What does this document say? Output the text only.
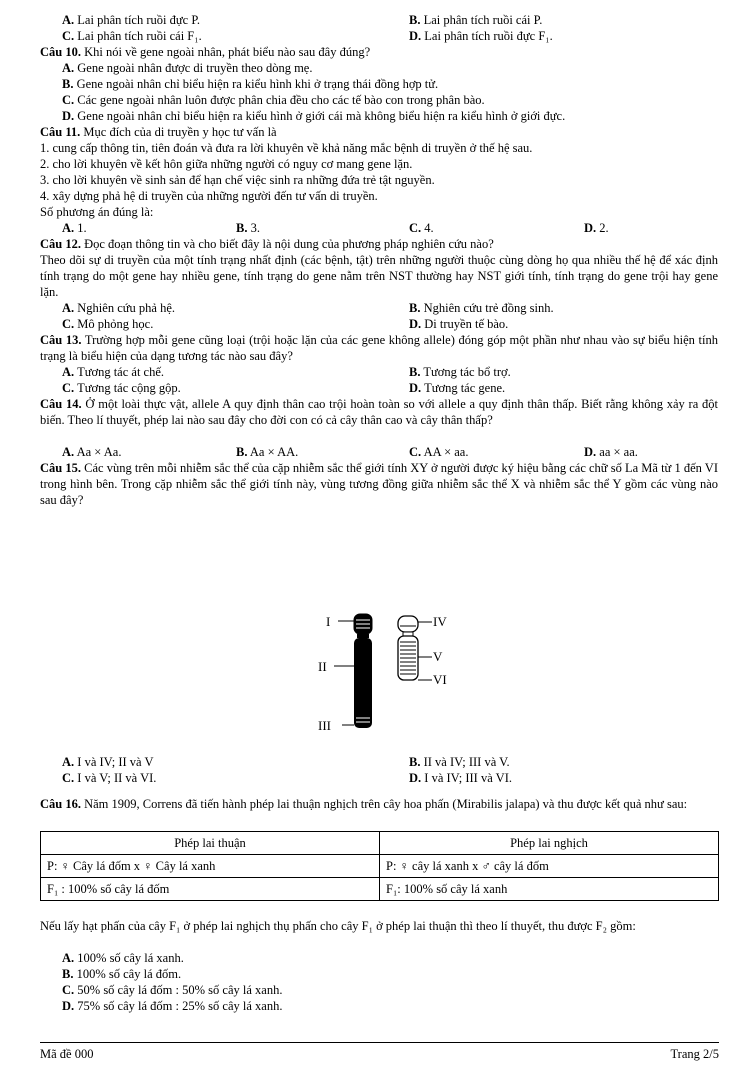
A. Lai phân tích ruồi đực P.	B. Lai phân tích ruồi cái P.
C. Lai phân tích ruồi cái F₁.	D. Lai phân tích ruồi đực F₁.
Câu 10. Khi nói về gene ngoài nhân, phát biểu nào sau đây đúng?
A. Gene ngoài nhân được di truyền theo dòng mẹ.
B. Gene ngoài nhân chỉ biểu hiện ra kiểu hình khi ở trạng thái đồng hợp tử.
C. Các gene ngoài nhân luôn được phân chia đều cho các tế bào con trong phân bào.
D. Gene ngoài nhân chỉ biểu hiện ra kiểu hình ở giới cái mà không biểu hiện ra kiểu hình ở giới đực.
Câu 11. Mục đích của di truyền y học tư vấn là
1. cung cấp thông tin, tiên đoán và đưa ra lời khuyên về khả năng mắc bệnh di truyền ở thế hệ sau.
2. cho lời khuyên về kết hôn giữa những người có nguy cơ mang gene lặn.
3. cho lời khuyên về sinh sản để hạn chế việc sinh ra những đứa trẻ tật nguyền.
4. xây dựng phả hệ di truyền của những người đến tư vấn di truyền.
Số phương án đúng là:
A. 1.	B. 3.	C. 4.	D. 2.
Câu 12. Đọc đoạn thông tin và cho biết đây là nội dung của phương pháp nghiên cứu nào?
Theo dõi sự di truyền của một tính trạng nhất định (các bệnh, tật) trên những người thuộc cùng dòng họ qua nhiều thế hệ để xác định tính trạng do một gene hay nhiều gene, tính trạng do gene nằm trên NST thường hay NST giới tính, tính trạng do gene trội hay gene lặn.
A. Nghiên cứu phả hệ.	B. Nghiên cứu trẻ đồng sinh.
C. Mô phỏng học.	D. Di truyền tế bào.
Câu 13. Trường hợp mỗi gene cũng loại (trội hoặc lặn của các gene không allele) đóng góp một phần như nhau vào sự biểu hiện tính trạng là biểu hiện của dạng tương tác nào sau đây?
A. Tương tác át chế.	B. Tương tác bổ trợ.
C. Tương tác cộng gộp.	D. Tương tác gene.
Câu 14. Ở một loài thực vật, allele A quy định thân cao trội hoàn toàn so với allele a quy định thân thấp. Biết rằng không xảy ra đột biến. Theo lí thuyết, phép lai nào sau đây cho đời con có cả cây thân cao và cây thân thấp?
A. Aa × Aa.	B. Aa × AA.	C. AA × aa.	D. aa × aa.
Câu 15. Các vùng trên mỗi nhiễm sắc thể của cặp nhiễm sắc thể giới tính XY ở người được ký hiệu bằng các chữ số La Mã từ 1 đến VI trong hình bên. Trong cặp nhiễm sắc thể giới tính này, vùng tương đồng giữa nhiễm sắc thể X và nhiễm sắc thể Y gồm các vùng nào sau đây?
I
II
III
IV
V
VI
A. I và IV; II và V	B. II và IV; III và V.
C. I và V; II và VI.	D. I và IV; III và VI.
Câu 16. Năm 1909, Correns đã tiến hành phép lai thuận nghịch trên cây hoa phấn (Mirabilis jalapa) và thu được kết quả như sau:
Phép lai thuận	Phép lai nghịch
P: ♀ Cây lá đốm x ♀ Cây lá xanh	P: ♀ cây lá xanh x ♂ cây lá đốm
F₁ : 100% số cây lá đốm	F₁: 100% số cây lá xanh
Nếu lấy hạt phấn của cây F₁ ở phép lai nghịch thụ phấn cho cây F₁ ở phép lai thuận thì theo lí thuyết, thu được F₂ gồm:
A. 100% số cây lá xanh.
B. 100% số cây lá đốm.
C. 50% số cây lá đốm : 50% số cây lá xanh.
D. 75% số cây lá đốm : 25% số cây lá xanh.
Mã đề 000	Trang 2/5
